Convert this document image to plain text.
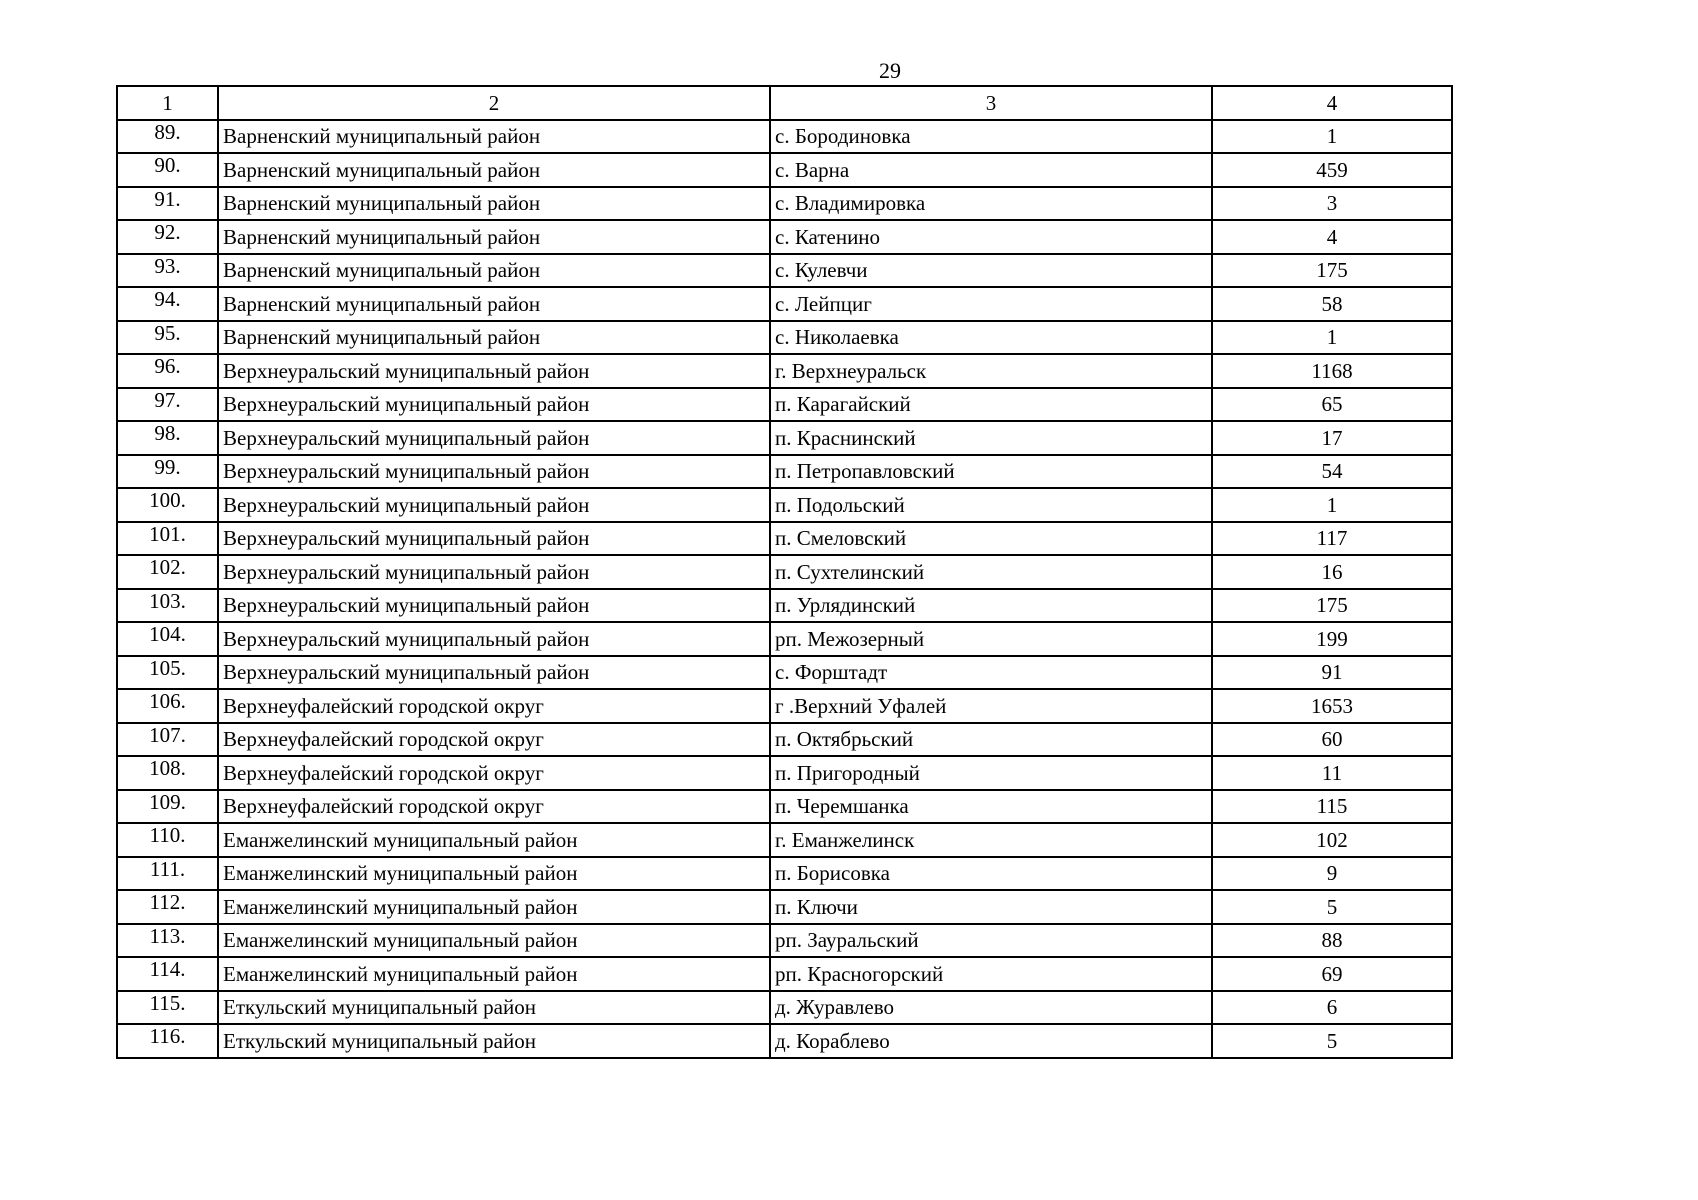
29
1	2	3	4
89.	Варненский муниципальный район	с. Бородиновка	1
90.	Варненский муниципальный район	с. Варна	459
91.	Варненский муниципальный район	с. Владимировка	3
92.	Варненский муниципальный район	с. Катенино	4
93.	Варненский муниципальный район	с. Кулевчи	175
94.	Варненский муниципальный район	с. Лейпциг	58
95.	Варненский муниципальный район	с. Николаевка	1
96.	Верхнеуральский муниципальный район	г. Верхнеуральск	1168
97.	Верхнеуральский муниципальный район	п. Карагайский	65
98.	Верхнеуральский муниципальный район	п. Краснинский	17
99.	Верхнеуральский муниципальный район	п. Петропавловский	54
100.	Верхнеуральский муниципальный район	п. Подольский	1
101.	Верхнеуральский муниципальный район	п. Смеловский	117
102.	Верхнеуральский муниципальный район	п. Сухтелинский	16
103.	Верхнеуральский муниципальный район	п. Урлядинский	175
104.	Верхнеуральский муниципальный район	рп. Межозерный	199
105.	Верхнеуральский муниципальный район	с. Форштадт	91
106.	Верхнеуфалейский городской округ	г .Верхний Уфалей	1653
107.	Верхнеуфалейский городской округ	п. Октябрьский	60
108.	Верхнеуфалейский городской округ	п. Пригородный	11
109.	Верхнеуфалейский городской округ	п. Черемшанка	115
110.	Еманжелинский муниципальный район	г. Еманжелинск	102
111.	Еманжелинский муниципальный район	п. Борисовка	9
112.	Еманжелинский муниципальный район	п. Ключи	5
113.	Еманжелинский муниципальный район	рп. Зауральский	88
114.	Еманжелинский муниципальный район	рп. Красногорский	69
115.	Еткульский муниципальный район	д. Журавлево	6
116.	Еткульский муниципальный район	д. Кораблево	5
